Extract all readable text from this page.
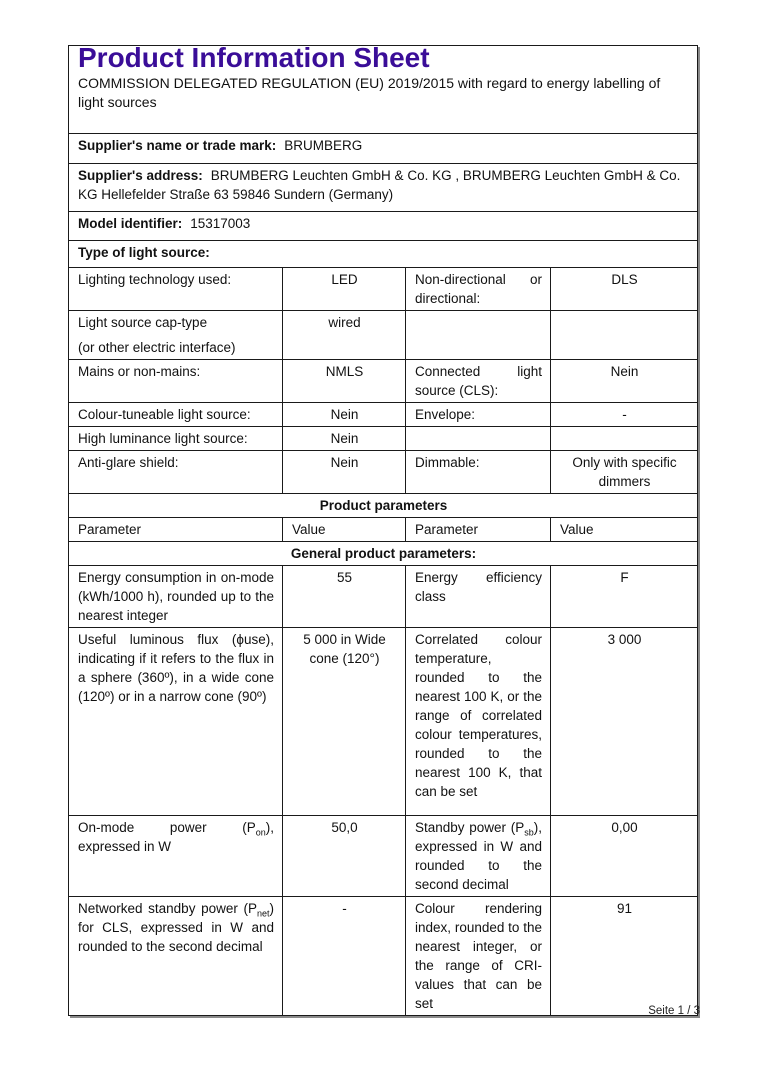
Product Information Sheet
COMMISSION DELEGATED REGULATION (EU) 2019/2015 with regard to energy labelling of light sources			

Supplier's name or trade mark: BRUMBERG			
Supplier's address: BRUMBERG Leuchten GmbH & Co. KG , BRUMBERG Leuchten GmbH & Co. KG Hellefelder Straße 63 59846 Sundern (Germany)			
Model identifier: 15317003			
Type of light source:			
Lighting technology used:	LED	Non-directional or directional:	DLS

Light source cap-type
(or other electric interface)	wired		
Mains or non-mains:	NMLS	Connected light source (CLS):	Nein
Colour-tuneable light source:	Nein	Envelope:	-
High luminance light source:	Nein		
Anti-glare shield:	Nein	Dimmable:	Only with specific dimmers
Product parameters			
Parameter	Value	Parameter	Value
General product parameters:			
Energy consumption in on-mode (kWh/1000 h), rounded up to the nearest integer	55	Energy efficiency class	F
Useful luminous flux (ϕuse), indicating if it refers to the flux in a sphere (360º), in a wide cone (120º) or in a narrow cone (90º)	5 000 in Wide cone (120°)	Correlated colour temperature, rounded to the nearest 100 K, or the range of correlated colour temperatures, rounded to the nearest 100 K, that can be set	3 000
On-mode power $(P_{on})$, expressed in W	50,0	Standby power $(P_{sb})$, expressed in W and rounded to the second decimal	0,00
Networked standby power $(P_{net})$ for CLS, expressed in W and rounded to the second decimal	-	Colour rendering index, rounded to the nearest integer, or the range of CRI-values that can be set	91
Seite 1 / 3
